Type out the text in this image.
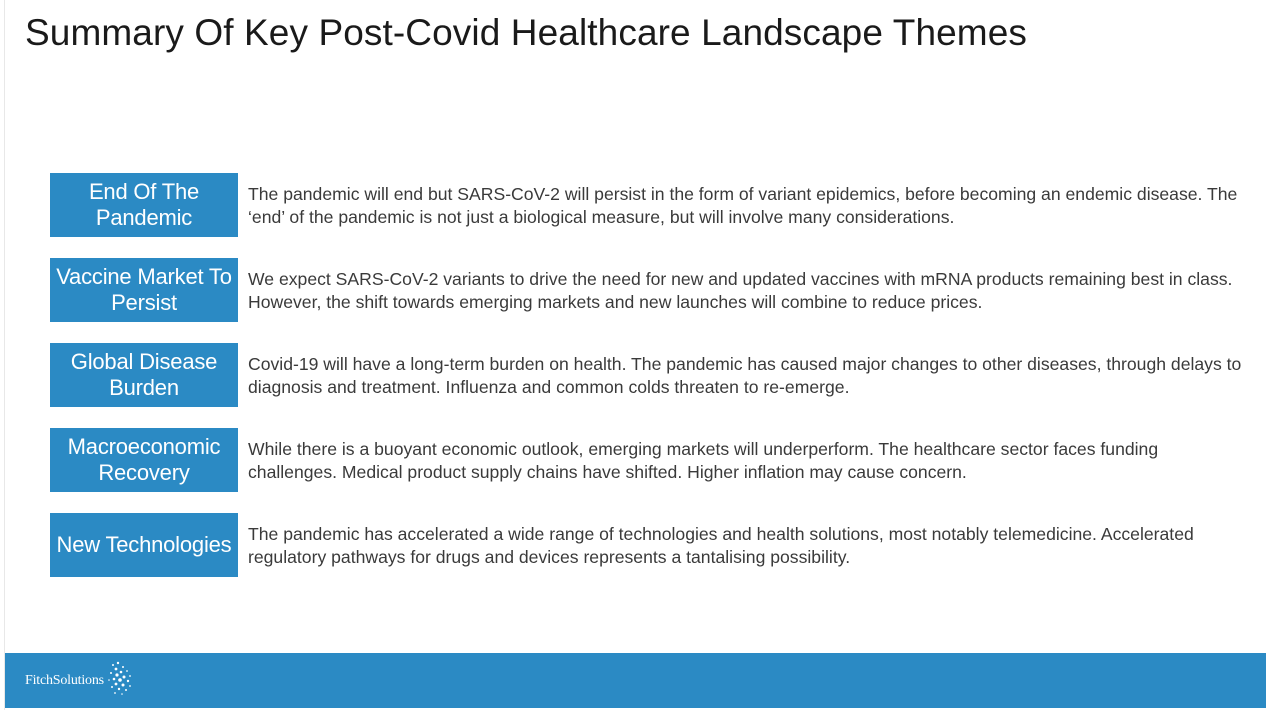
Summary Of Key Post-Covid Healthcare Landscape Themes
End Of The Pandemic
The pandemic will end but SARS-CoV-2 will persist in the form of variant epidemics, before becoming an endemic disease. The ‘end’ of the pandemic is not just a biological measure, but will involve many considerations.
Vaccine Market To Persist
We expect SARS-CoV-2 variants to drive the need for new and updated vaccines with mRNA products remaining best in class. However, the shift towards emerging markets and new launches will combine to reduce prices.
Global Disease Burden
Covid-19 will have a long-term burden on health. The pandemic has caused major changes to other diseases, through delays to diagnosis and treatment. Influenza and common colds threaten to re-emerge.
Macroeconomic Recovery
While there is a buoyant economic outlook, emerging markets will underperform. The healthcare sector faces funding challenges. Medical product supply chains have shifted. Higher inflation may cause concern.
New Technologies The pandemic has accelerated a wide range of technologies and health solutions, most notably telemedicine. Accelerated regulatory pathways for drugs and devices represents a tantalising possibility.
FitchSolutions
